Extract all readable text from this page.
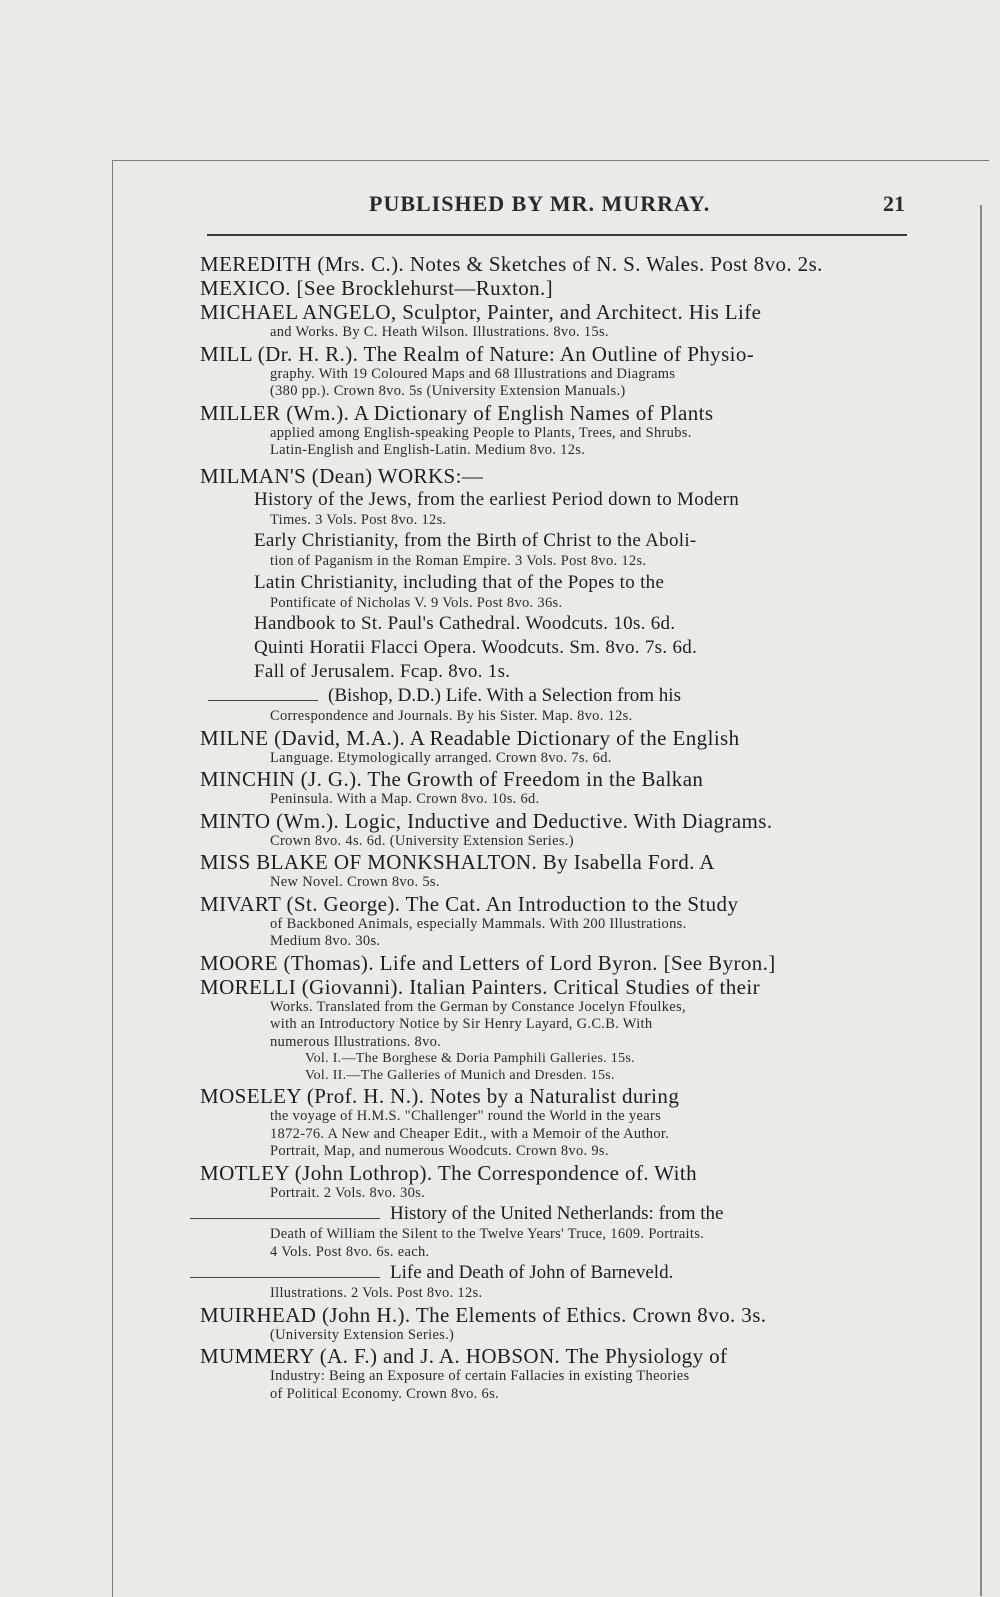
PUBLISHED BY MR. MURRAY.	21
MEREDITH (Mrs. C.). Notes & Sketches of N. S. Wales. Post 8vo. 2s.
MEXICO. [See Brocklehurst—Ruxton.]
MICHAEL ANGELO, Sculptor, Painter, and Architect. His Life
and Works. By C. Heath Wilson. Illustrations. 8vo. 15s.
MILL (Dr. H. R.). The Realm of Nature: An Outline of Physio-
graphy. With 19 Coloured Maps and 68 Illustrations and Diagrams
(380 pp.). Crown 8vo. 5s (University Extension Manuals.)
MILLER (Wm.). A Dictionary of English Names of Plants
applied among English-speaking People to Plants, Trees, and Shrubs.
Latin-English and English-Latin. Medium 8vo. 12s.
MILMAN'S (Dean) WORKS:—
History of the Jews, from the earliest Period down to Modern
Times. 3 Vols. Post 8vo. 12s.
Early Christianity, from the Birth of Christ to the Aboli-
tion of Paganism in the Roman Empire. 3 Vols. Post 8vo. 12s.
Latin Christianity, including that of the Popes to the
Pontificate of Nicholas V. 9 Vols. Post 8vo. 36s.
Handbook to St. Paul's Cathedral. Woodcuts. 10s. 6d.
Quinti Horatii Flacci Opera. Woodcuts. Sm. 8vo. 7s. 6d.
Fall of Jerusalem. Fcap. 8vo. 1s.
(Bishop, D.D.) Life. With a Selection from his
Correspondence and Journals. By his Sister. Map. 8vo. 12s.
MILNE (David, M.A.). A Readable Dictionary of the English
Language. Etymologically arranged. Crown 8vo. 7s. 6d.
MINCHIN (J. G.). The Growth of Freedom in the Balkan
Peninsula. With a Map. Crown 8vo. 10s. 6d.
MINTO (Wm.). Logic, Inductive and Deductive. With Diagrams.
Crown 8vo. 4s. 6d. (University Extension Series.)
MISS BLAKE OF MONKSHALTON. By Isabella Ford. A
New Novel. Crown 8vo. 5s.
MIVART (St. George). The Cat. An Introduction to the Study
of Backboned Animals, especially Mammals. With 200 Illustrations.
Medium 8vo. 30s.
MOORE (Thomas). Life and Letters of Lord Byron. [See Byron.]
MORELLI (Giovanni). Italian Painters. Critical Studies of their
Works. Translated from the German by Constance Jocelyn Ffoulkes,
with an Introductory Notice by Sir Henry Layard, G.C.B. With
numerous Illustrations. 8vo.
Vol. I.—The Borghese & Doria Pamphili Galleries. 15s.
Vol. II.—The Galleries of Munich and Dresden. 15s.
MOSELEY (Prof. H. N.). Notes by a Naturalist during
the voyage of H.M.S. "Challenger" round the World in the years
1872-76. A New and Cheaper Edit., with a Memoir of the Author.
Portrait, Map, and numerous Woodcuts. Crown 8vo. 9s.
MOTLEY (John Lothrop). The Correspondence of. With
Portrait. 2 Vols. 8vo. 30s.
History of the United Netherlands: from the
Death of William the Silent to the Twelve Years' Truce, 1609. Portraits.
4 Vols. Post 8vo. 6s. each.
Life and Death of John of Barneveld.
Illustrations. 2 Vols. Post 8vo. 12s.
MUIRHEAD (John H.). The Elements of Ethics. Crown 8vo. 3s.
(University Extension Series.)
MUMMERY (A. F.) and J. A. HOBSON. The Physiology of
Industry: Being an Exposure of certain Fallacies in existing Theories
of Political Economy. Crown 8vo. 6s.
